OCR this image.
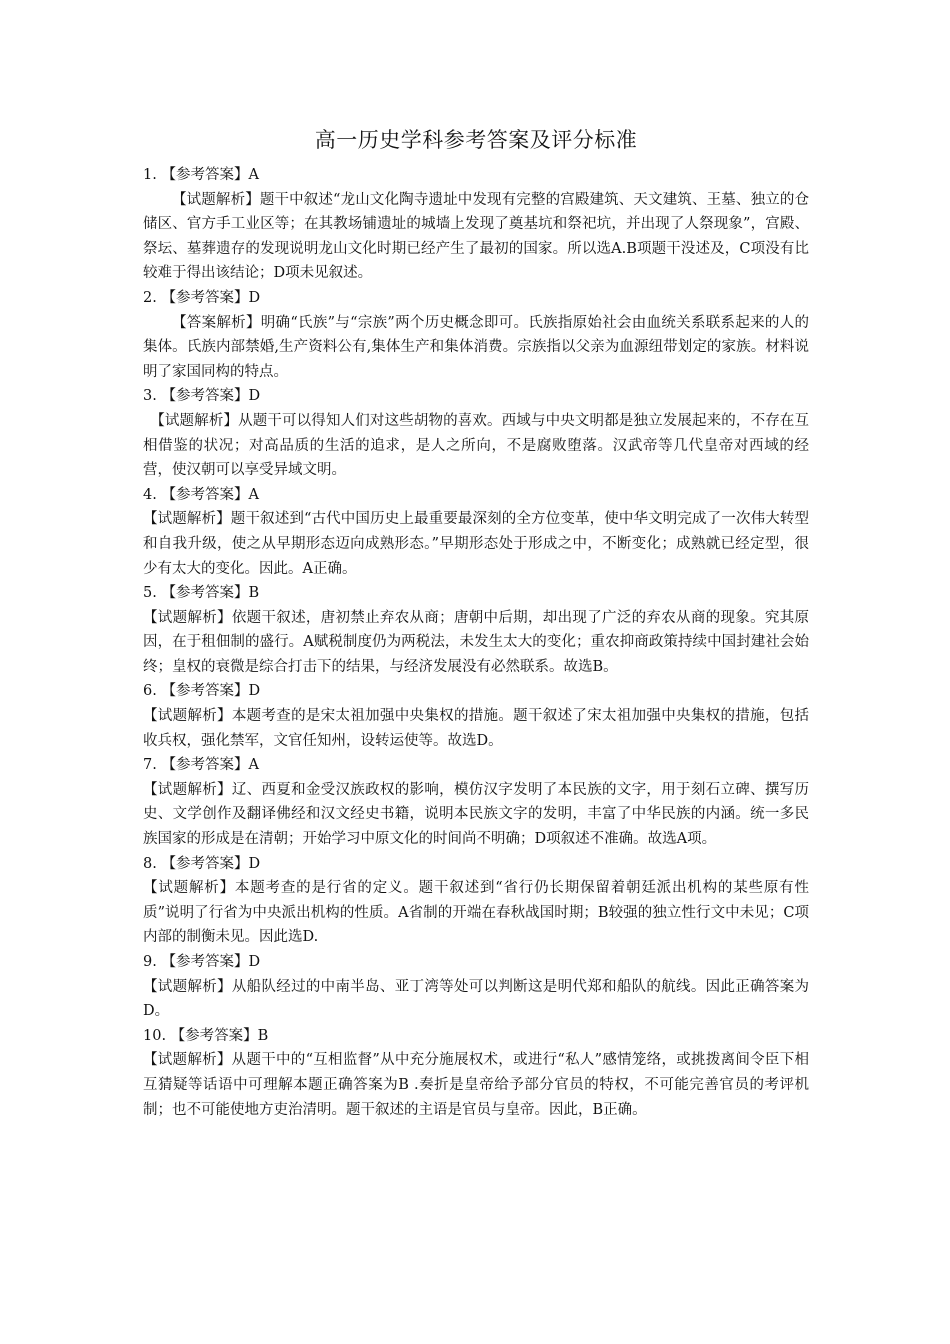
高一历史学科参考答案及评分标准

1. 【参考答案】A

【试题解析】题干中叙述“龙山文化陶寺遗址中发现有完整的宫殿建筑、天文建筑、王墓、独立的仓储区、官方手工业区等；在其教场铺遗址的城墙上发现了奠基坑和祭祀坑，并出现了人祭现象”，宫殿、祭坛、墓葬遗存的发现说明龙山文化时期已经产生了最初的国家。所以选A.B项题干没述及，C项没有比较难于得出该结论；D项未见叙述。

2. 【参考答案】D

【答案解析】明确“氏族”与“宗族”两个历史概念即可。氏族指原始社会由血统关系联系起来的人的集体。氏族内部禁婚,生产资料公有,集体生产和集体消费。宗族指以父亲为血源纽带划定的家族。材料说明了家国同构的特点。

3. 【参考答案】D

【试题解析】从题干可以得知人们对这些胡物的喜欢。西域与中央文明都是独立发展起来的，不存在互相借鉴的状况；对高品质的生活的追求，是人之所向，不是腐败堕落。汉武帝等几代皇帝对西域的经营，使汉朝可以享受异域文明。

4. 【参考答案】A

【试题解析】题干叙述到“古代中国历史上最重要最深刻的全方位变革，使中华文明完成了一次伟大转型和自我升级，使之从早期形态迈向成熟形态。”早期形态处于形成之中，不断变化；成熟就已经定型，很少有太大的变化。因此。A正确。

5. 【参考答案】B

【试题解析】依题干叙述，唐初禁止弃农从商；唐朝中后期，却出现了广泛的弃农从商的现象。究其原因，在于租佃制的盛行。A赋税制度仍为两税法，未发生太大的变化；重农抑商政策持续中国封建社会始终；皇权的衰微是综合打击下的结果，与经济发展没有必然联系。故选B。

6. 【参考答案】D

【试题解析】本题考查的是宋太祖加强中央集权的措施。题干叙述了宋太祖加强中央集权的措施，包括收兵权，强化禁军，文官任知州，设转运使等。故选D。

7. 【参考答案】A

【试题解析】辽、西夏和金受汉族政权的影响，模仿汉字发明了本民族的文字，用于刻石立碑、撰写历史、文学创作及翻译佛经和汉文经史书籍，说明本民族文字的发明，丰富了中华民族的内涵。统一多民族国家的形成是在清朝；开始学习中原文化的时间尚不明确；D项叙述不准确。故选A项。

8. 【参考答案】D

【试题解析】本题考查的是行省的定义。题干叙述到“省行仍长期保留着朝廷派出机构的某些原有性质”说明了行省为中央派出机构的性质。A省制的开端在春秋战国时期；B较强的独立性行文中未见；C项内部的制衡未见。因此选D.

9. 【参考答案】D

【试题解析】从船队经过的中南半岛、亚丁湾等处可以判断这是明代郑和船队的航线。因此正确答案为D。

10. 【参考答案】B

【试题解析】从题干中的“互相监督”从中充分施展权术，或进行“私人”感情笼络，或挑拨离间令臣下相互猜疑等话语中可理解本题正确答案为B .奏折是皇帝给予部分官员的特权，不可能完善官员的考评机制；也不可能使地方吏治清明。题干叙述的主语是官员与皇帝。因此，B正确。
